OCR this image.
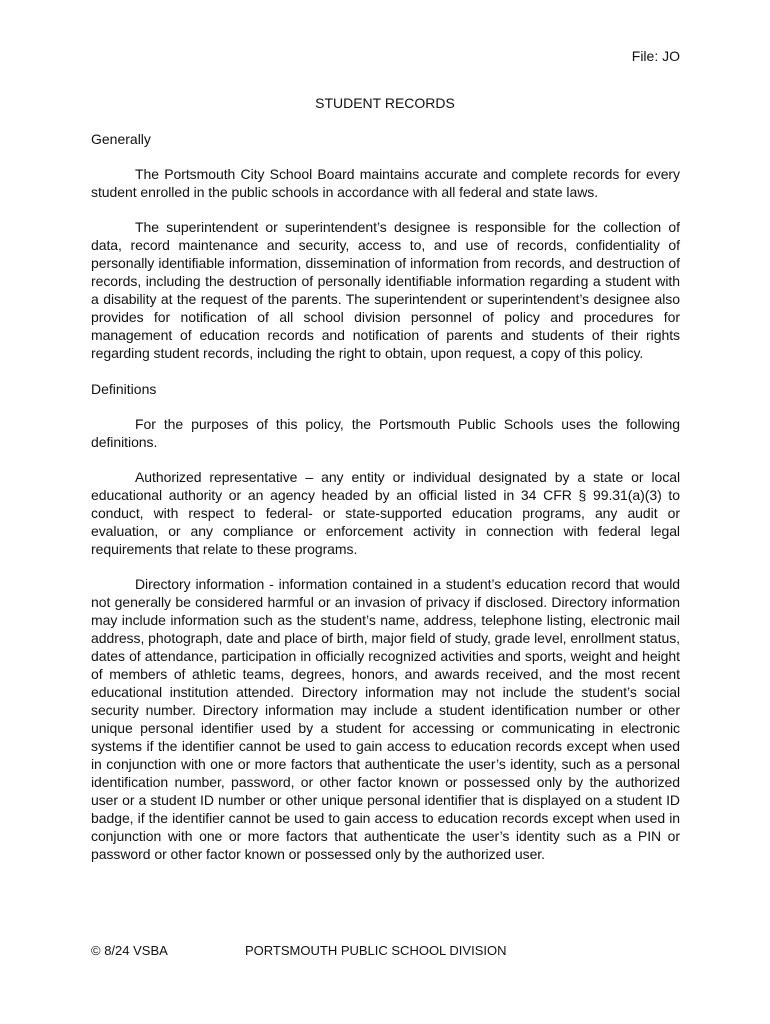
File: JO
STUDENT RECORDS

Generally

The Portsmouth City School Board maintains accurate and complete records for every student enrolled in the public schools in accordance with all federal and state laws.

The superintendent or superintendent’s designee is responsible for the collection of data, record maintenance and security, access to, and use of records, confidentiality of personally identifiable information, dissemination of information from records, and destruction of records, including the destruction of personally identifiable information regarding a student with a disability at the request of the parents. The superintendent or superintendent’s designee also provides for notification of all school division personnel of policy and procedures for management of education records and notification of parents and students of their rights regarding student records, including the right to obtain, upon request, a copy of this policy.

Definitions

For the purposes of this policy, the Portsmouth Public Schools uses the following definitions.

Authorized representative – any entity or individual designated by a state or local educational authority or an agency headed by an official listed in 34 CFR § 99.31(a)(3) to conduct, with respect to federal- or state-supported education programs, any audit or evaluation, or any compliance or enforcement activity in connection with federal legal requirements that relate to these programs.

Directory information - information contained in a student’s education record that would not generally be considered harmful or an invasion of privacy if disclosed. Directory information may include information such as the student’s name, address, telephone listing, electronic mail address, photograph, date and place of birth, major field of study, grade level, enrollment status, dates of attendance, participation in officially recognized activities and sports, weight and height of members of athletic teams, degrees, honors, and awards received, and the most recent educational institution attended. Directory information may not include the student’s social security number. Directory information may include a student identification number or other unique personal identifier used by a student for accessing or communicating in electronic systems if the identifier cannot be used to gain access to education records except when used in conjunction with one or more factors that authenticate the user’s identity, such as a personal identification number, password, or other factor known or possessed only by the authorized user or a student ID number or other unique personal identifier that is displayed on a student ID badge, if the identifier cannot be used to gain access to education records except when used in conjunction with one or more factors that authenticate the user’s identity such as a PIN or password or other factor known or possessed only by the authorized user.

© 8/24 VSBA	PORTSMOUTH PUBLIC SCHOOL DIVISION
